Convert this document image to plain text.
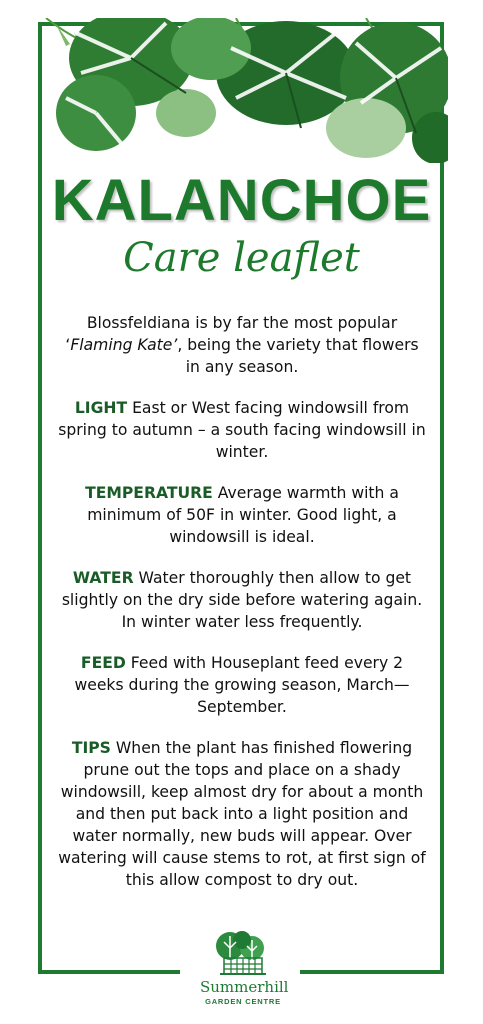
KALANCHOE
Care leaflet

Blossfeldiana is by far the most popular ‘Flaming Kate’, being the variety that flowers in any season.

LIGHT East or West facing windowsill from spring to autumn – a south facing windowsill in winter.

TEMPERATURE Average warmth with a minimum of 50F in winter. Good light, a windowsill is ideal.

WATER Water thoroughly then allow to get slightly on the dry side before watering again. In winter water less frequently.

FEED Feed with Houseplant feed every 2 weeks during the growing season, March—September.

TIPS When the plant has finished flowering prune out the tops and place on a shady windowsill, keep almost dry for about a month and then put back into a light position and water normally, new buds will appear. Over watering will cause stems to rot, at first sign of this allow compost to dry out.

Summerhill
GARDEN CENTRE
